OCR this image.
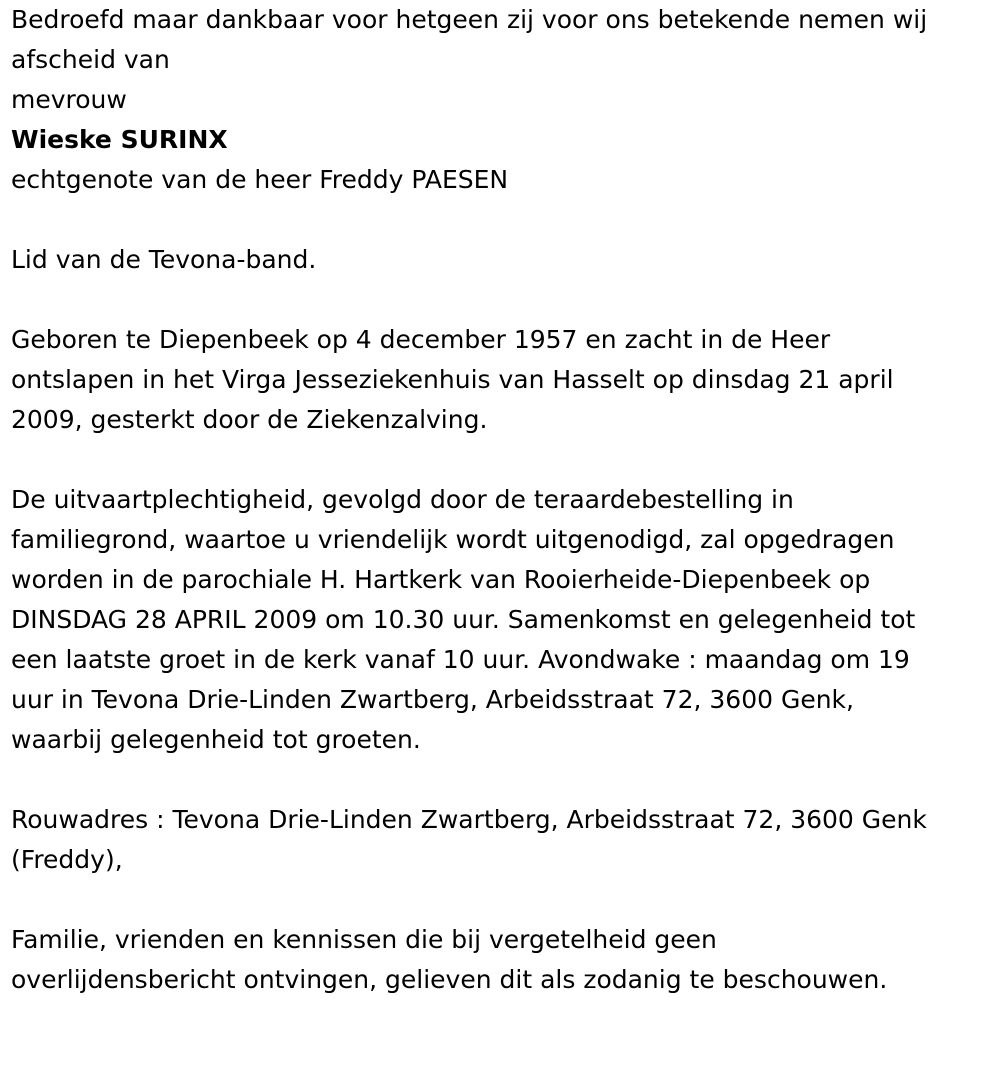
Bedroefd maar dankbaar voor hetgeen zij voor ons betekende nemen wij
afscheid van

mevrouw

Wieske SURINX

echtgenote van de heer Freddy PAESEN

Lid van de Tevona-band.

Geboren te Diepenbeek op 4 december 1957 en zacht in de Heer
ontslapen in het Virga Jesseziekenhuis van Hasselt op dinsdag 21 april
2009, gesterkt door de Ziekenzalving.

De uitvaartplechtigheid, gevolgd door de teraardebestelling in
familiegrond, waartoe u vriendelijk wordt uitgenodigd, zal opgedragen
worden in de parochiale H. Hartkerk van Rooierheide-Diepenbeek op
DINSDAG 28 APRIL 2009 om 10.30 uur. Samenkomst en gelegenheid tot
een laatste groet in de kerk vanaf 10 uur. Avondwake : maandag om 19
uur in Tevona Drie-Linden Zwartberg, Arbeidsstraat 72, 3600 Genk,
waarbij gelegenheid tot groeten.

Rouwadres : Tevona Drie-Linden Zwartberg, Arbeidsstraat 72, 3600 Genk
(Freddy),

Familie, vrienden en kennissen die bij vergetelheid geen
overlijdensbericht ontvingen, gelieven dit als zodanig te beschouwen.
